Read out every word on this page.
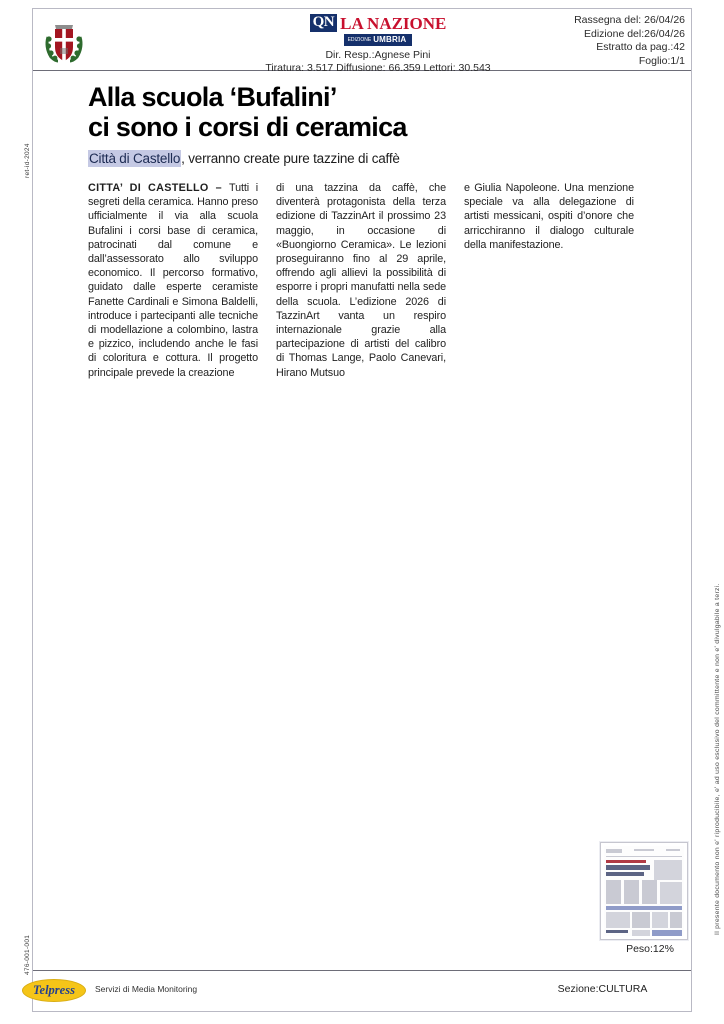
QN LA NAZIONE
EDIZIONE UMBRIA
Dir. Resp.:Agnese Pini
Tiratura: 3.517 Diffusione: 66.359 Lettori: 30.543
Rassegna del: 26/04/26
Edizione del:26/04/26
Estratto da pag.:42
Foglio:1/1
Alla scuola ‘Bufalini’
ci sono i corsi di ceramica
Città di Castello, verranno create pure tazzine di caffè

CITTA’ DI CASTELLO – Tutti i segreti della ceramica. Hanno preso ufficialmente il via alla scuola Bufalini i corsi base di ceramica, patrocinati dal comune e dall’assessorato allo sviluppo economico. Il percorso formativo, guidato dalle esperte ceramiste Fanette Cardinali e Simona Baldelli, introduce i partecipanti alle tecniche di modellazione a colombino, lastra e pizzico, includendo anche le fasi di coloritura e cottura. Il progetto principale prevede la creazione

di una tazzina da caffè, che diventerà protagonista della terza edizione di TazzinArt il prossimo 23 maggio, in occasione di «Buongiorno Ceramica». Le lezioni proseguiranno fino al 29 aprile, offrendo agli allievi la possibilità di esporre i propri manufatti nella sede della scuola. L’edizione 2026 di TazzinArt vanta un respiro internazionale grazie alla partecipazione di artisti del calibro di Thomas Lange, Paolo Canevari, Hirano Mutsuo

e Giulia Napoleone. Una menzione speciale va alla delegazione di artisti messicani, ospiti d’onore che arricchiranno il dialogo culturale della manifestazione.

ret-id-2024
476-001-001
Il presente documento non e' riproducibile, e' ad uso esclusivo del committente e non e' divulgabile a terzi.
Peso:12%
Telpress	Servizi di Media Monitoring	Sezione:CULTURA
